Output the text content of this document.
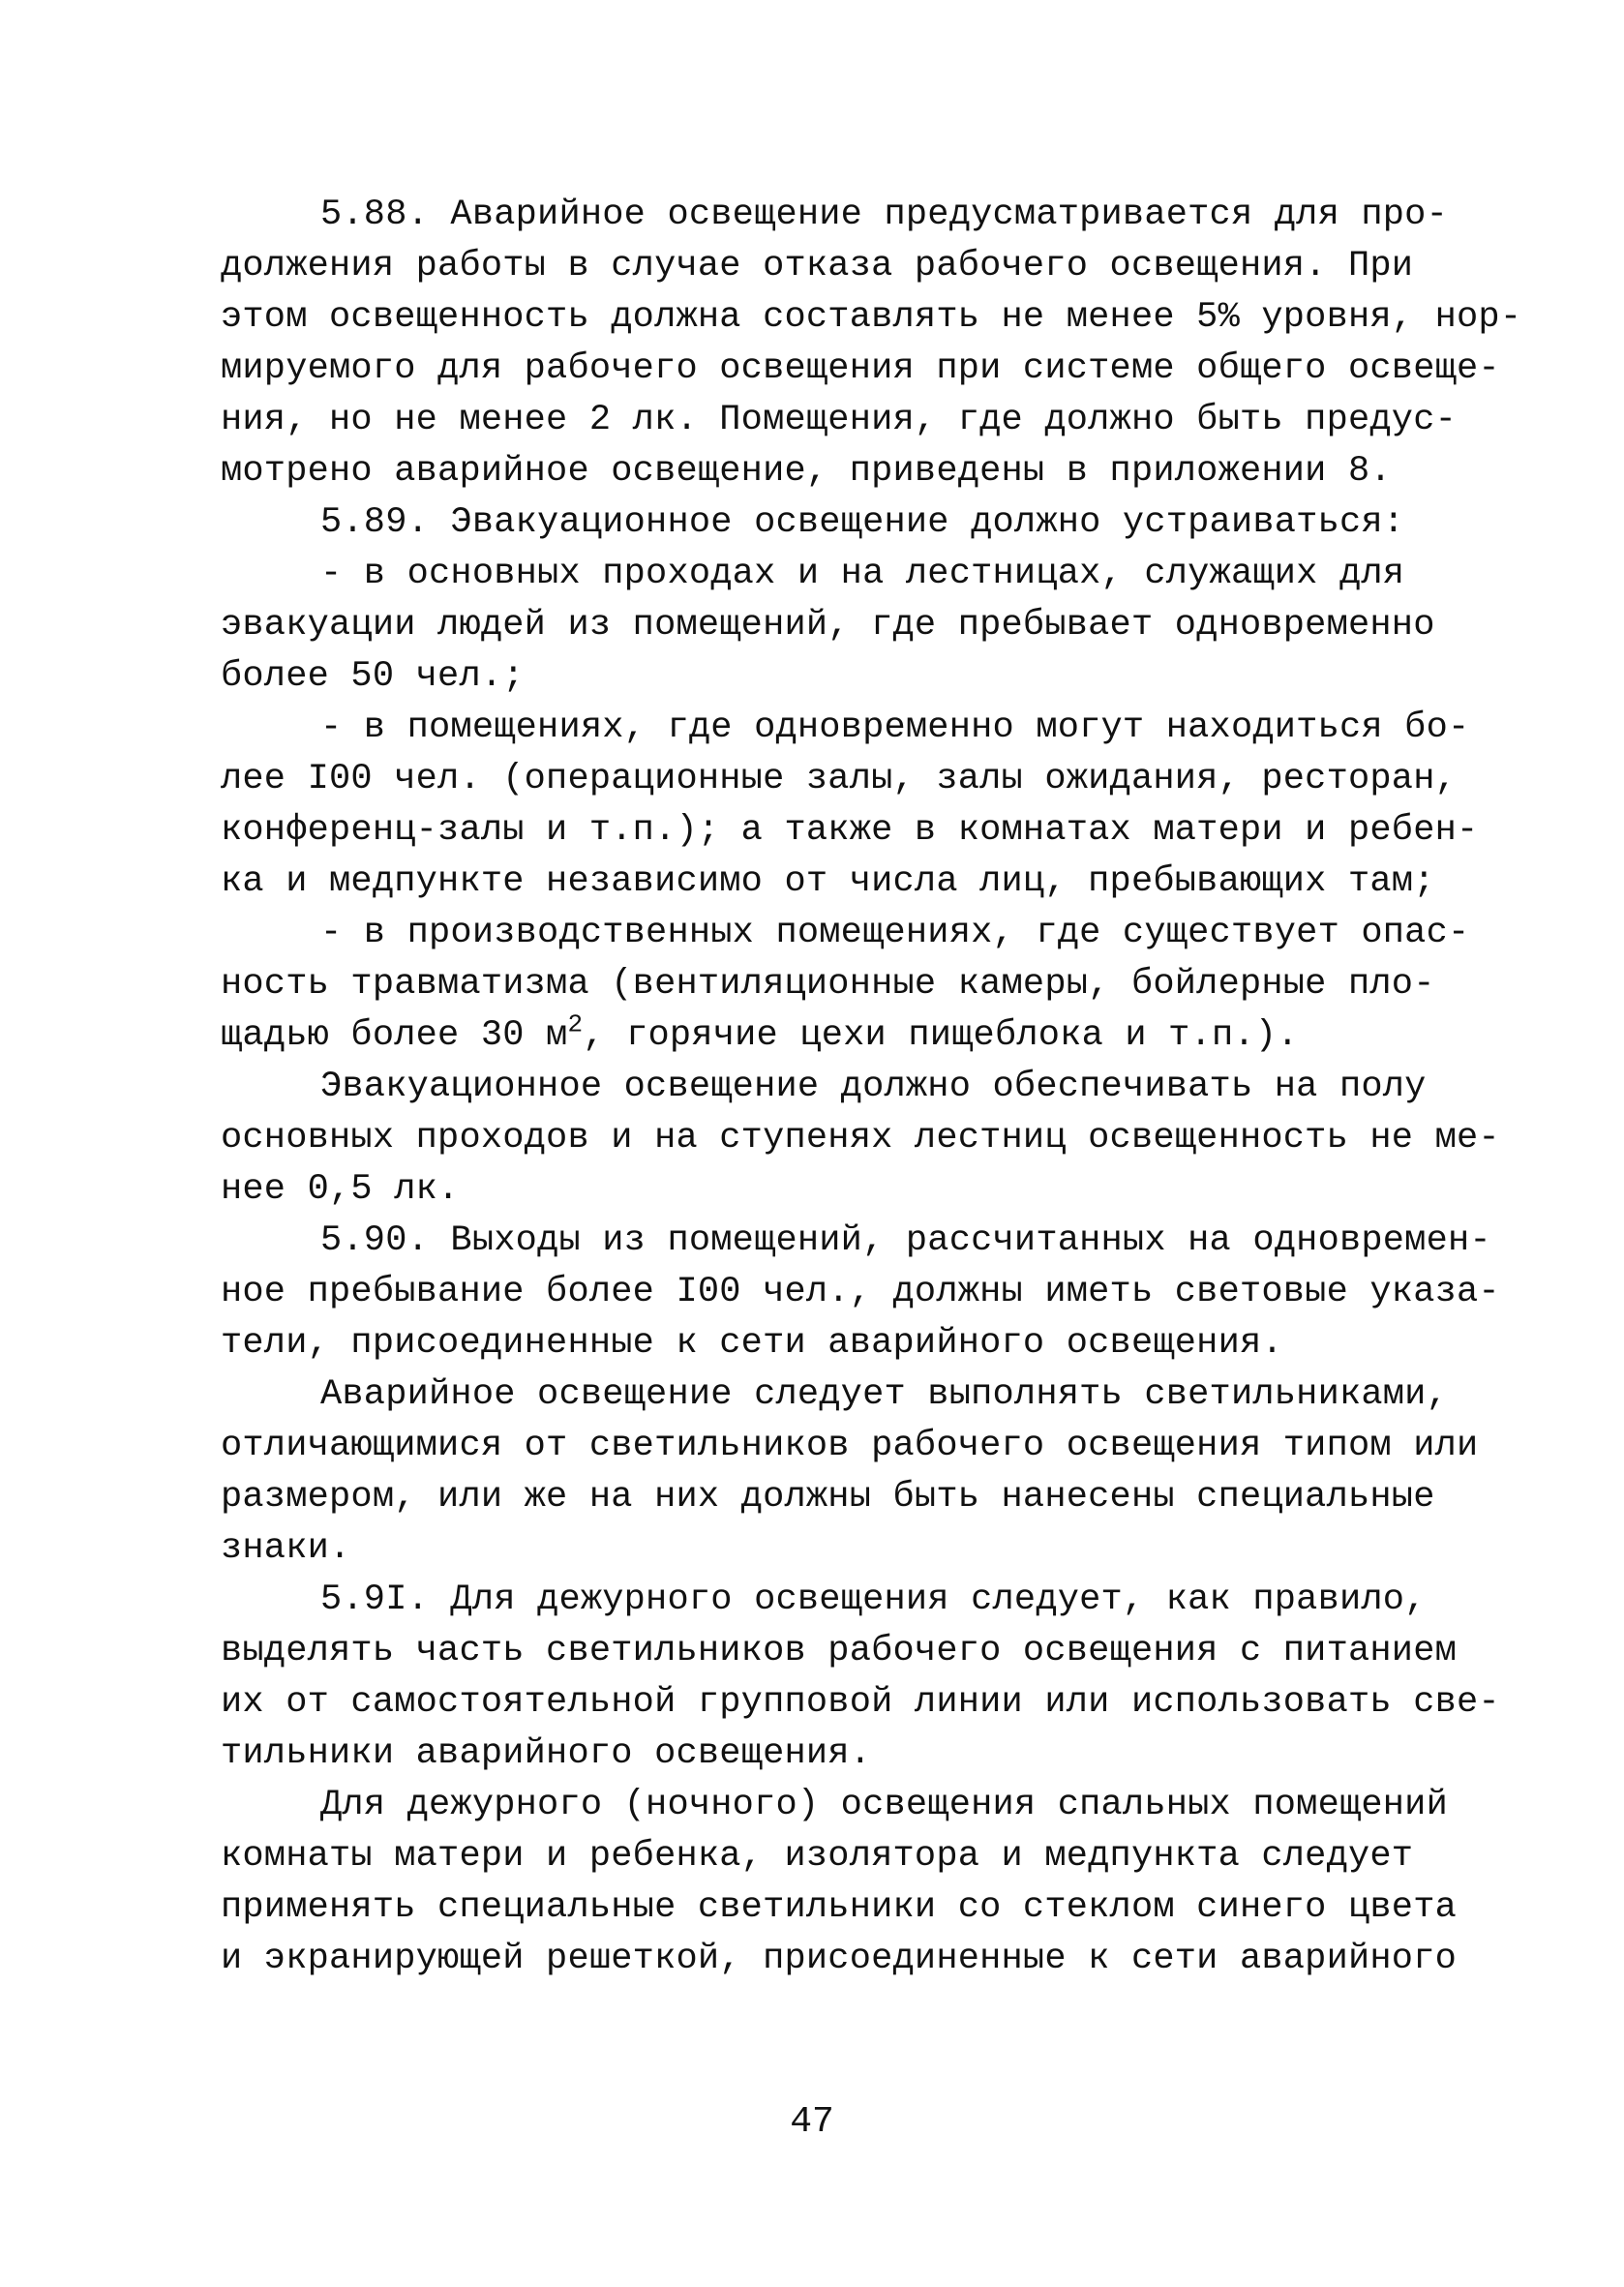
5.88. Аварийное освещение предусматривается для про-
должения работы в случае отказа рабочего освещения. При
этом освещенность должна составлять не менее 5% уровня, нор-
мируемого для рабочего освещения при системе общего освеще-
ния, но не менее 2 лк. Помещения, где должно быть предус-
мотрено аварийное освещение, приведены в приложении 8.
5.89. Эвакуационное освещение должно устраиваться:
- в основных проходах и на лестницах, служащих для
эвакуации людей из помещений, где пребывает одновременно
более 50 чел.;
- в помещениях, где одновременно могут находиться бо-
лее I00 чел. (операционные залы, залы ожидания, ресторан,
конференц-залы и т.п.); а также в комнатах матери и ребен-
ка и медпункте независимо от числа лиц, пребывающих там;
- в производственных помещениях, где существует опас-
ность травматизма (вентиляционные камеры, бойлерные пло-
щадью более 30 $м^2$, горячие цехи пищеблока и т.п.).
Эвакуационное освещение должно обеспечивать на полу
основных проходов и на ступенях лестниц освещенность не ме-
нее 0,5 лк.
5.90. Выходы из помещений, рассчитанных на одновремен-
ное пребывание более I00 чел., должны иметь световые указа-
тели, присоединенные к сети аварийного освещения.
Аварийное освещение следует выполнять светильниками,
отличающимися от светильников рабочего освещения типом или
размером, или же на них должны быть нанесены специальные
знаки.
5.9I. Для дежурного освещения следует, как правило,
выделять часть светильников рабочего освещения с питанием
их от самостоятельной групповой линии или использовать све-
тильники аварийного освещения.
Для дежурного (ночного) освещения спальных помещений
комнаты матери и ребенка, изолятора и медпункта следует
применять специальные светильники со стеклом синего цвета
и экранирующей решеткой, присоединенные к сети аварийного
47
